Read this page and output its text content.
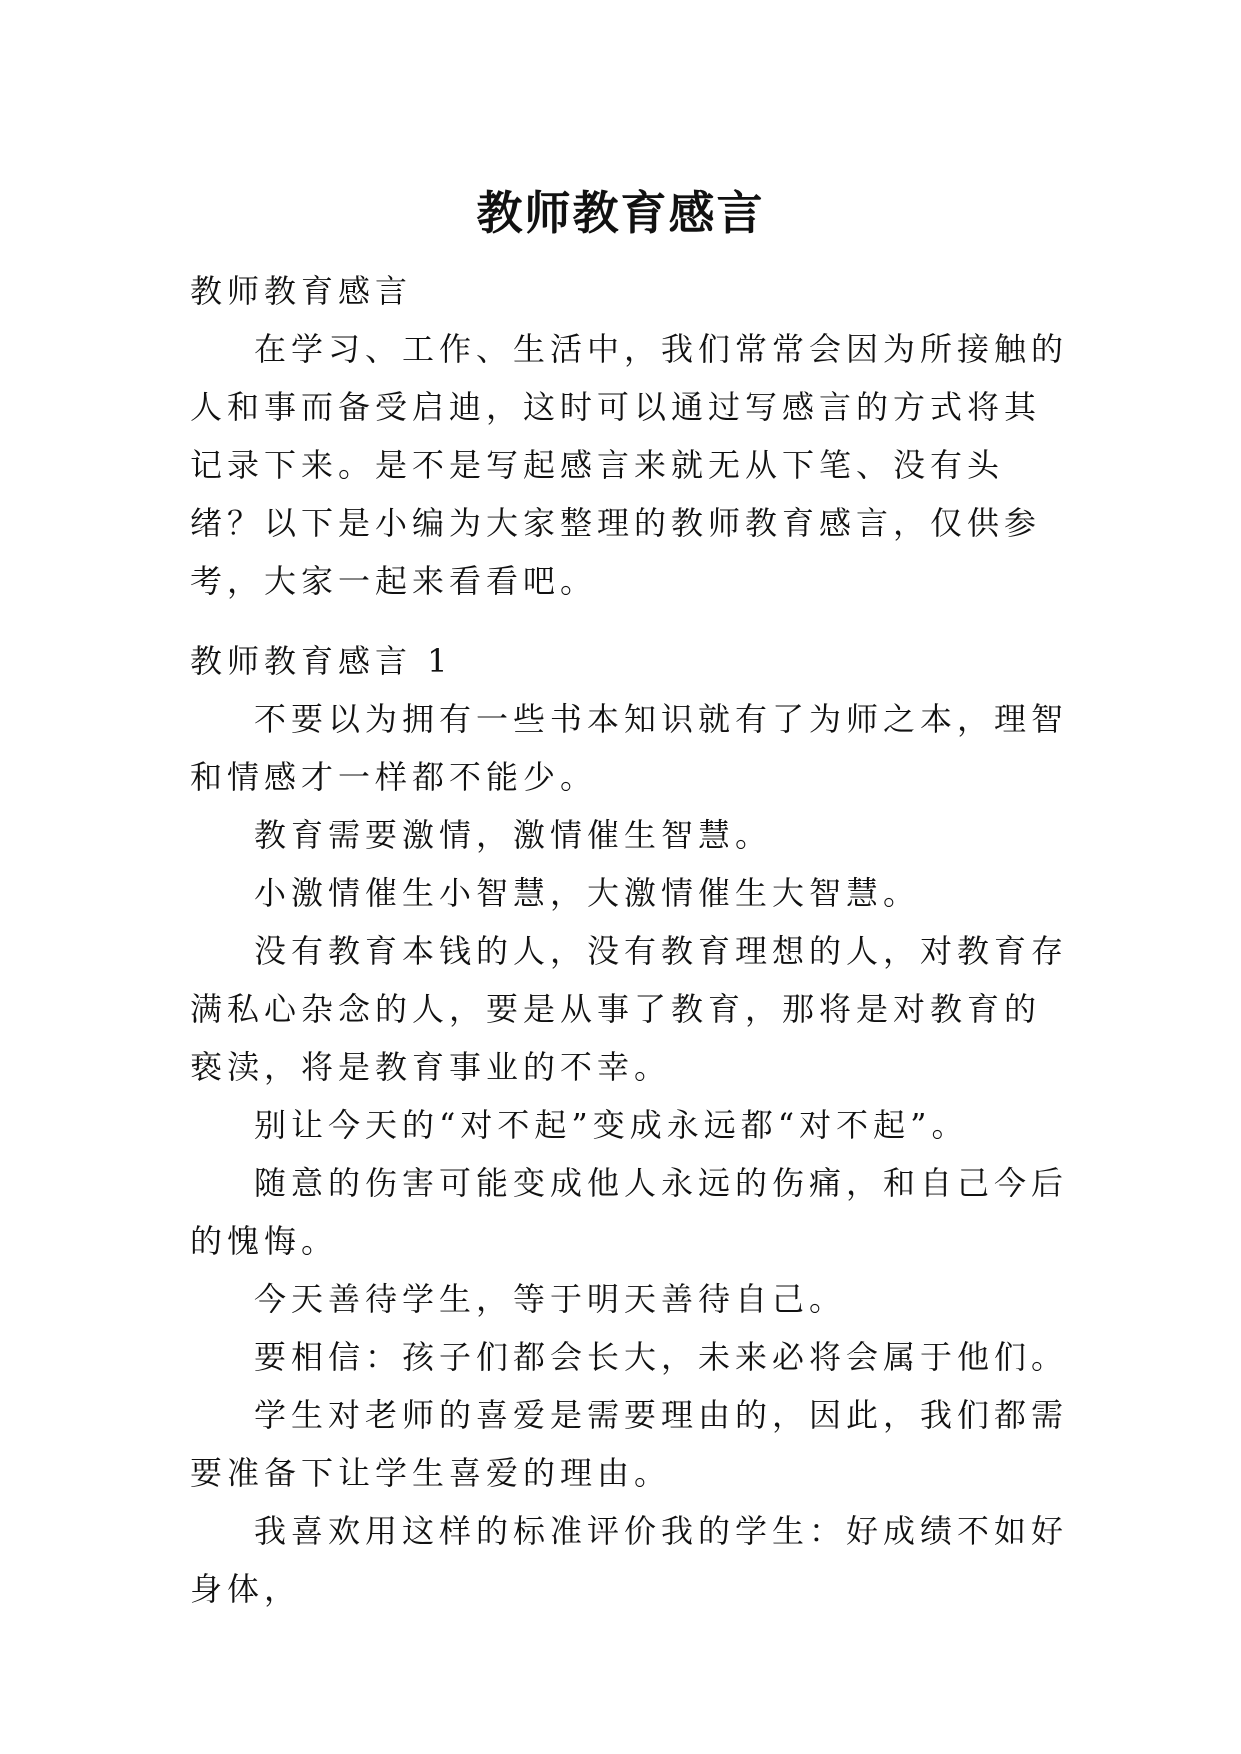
教师教育感言

教师教育感言

在学习、工作、生活中，我们常常会因为所接触的人和事而备受启迪，这时可以通过写感言的方式将其记录下来。是不是写起感言来就无从下笔、没有头绪？以下是小编为大家整理的教师教育感言，仅供参考，大家一起来看看吧。

教师教育感言 1

不要以为拥有一些书本知识就有了为师之本，理智和情感才一样都不能少。

教育需要激情，激情催生智慧。

小激情催生小智慧，大激情催生大智慧。

没有教育本钱的人，没有教育理想的人，对教育存满私心杂念的人，要是从事了教育，那将是对教育的亵渎，将是教育事业的不幸。

别让今天的“对不起”变成永远都“对不起”。

随意的伤害可能变成他人永远的伤痛，和自己今后的愧悔。

今天善待学生，等于明天善待自己。

要相信：孩子们都会长大，未来必将会属于他们。

学生对老师的喜爱是需要理由的，因此，我们都需要准备下让学生喜爱的理由。

我喜欢用这样的标准评价我的学生：好成绩不如好身体，
